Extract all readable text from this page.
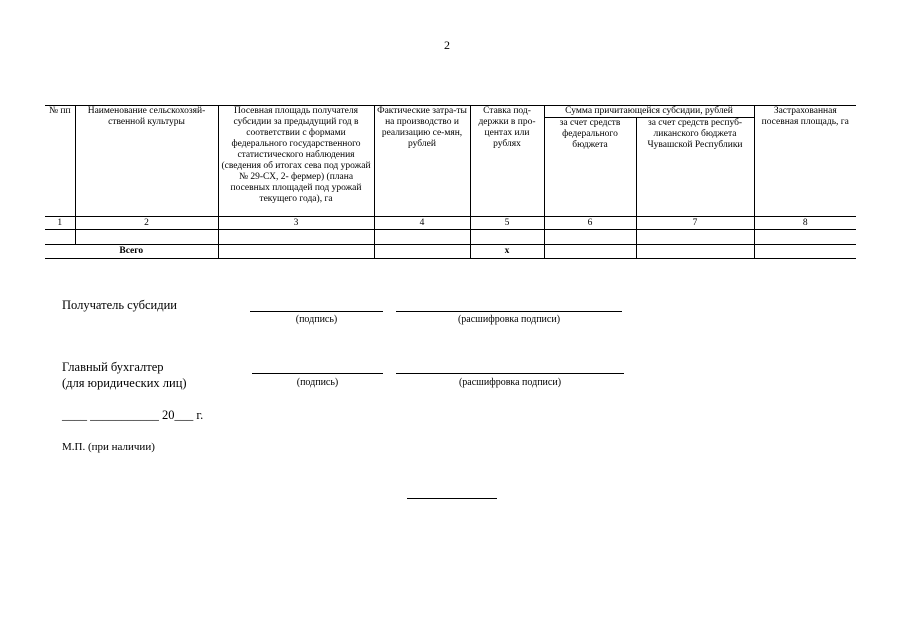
2
№ пп	Наименование сельскохозяй-ственной культуры	Посевная площадь получателя субсидии за предыдущий год в соответствии с формами федерального государственного статистического наблюдения (сведения об итогах сева под урожай № 29-СХ, 2- фермер) (плана посевных площадей под урожай текущего года), га	Фактические затра-ты на производство и реализацию се-мян, рублей	Ставка под-держки в про-центах или рублях	Сумма причитающейся субсидии, рублей		Застрахованная посевная площадь, га
					за счет средств федерального бюджета	за счет средств респуб-ликанского бюджета Чувашской Республики	
1	2	3	4	5	6	7	8

Всего				х			
Получатель субсидии
(подпись)	(расшифровка подписи)
Главный бухгалтер
(для юридических лиц)	(подпись)	(расшифровка подписи)
____ ___________ 20___ г.
М.П. (при наличии)
